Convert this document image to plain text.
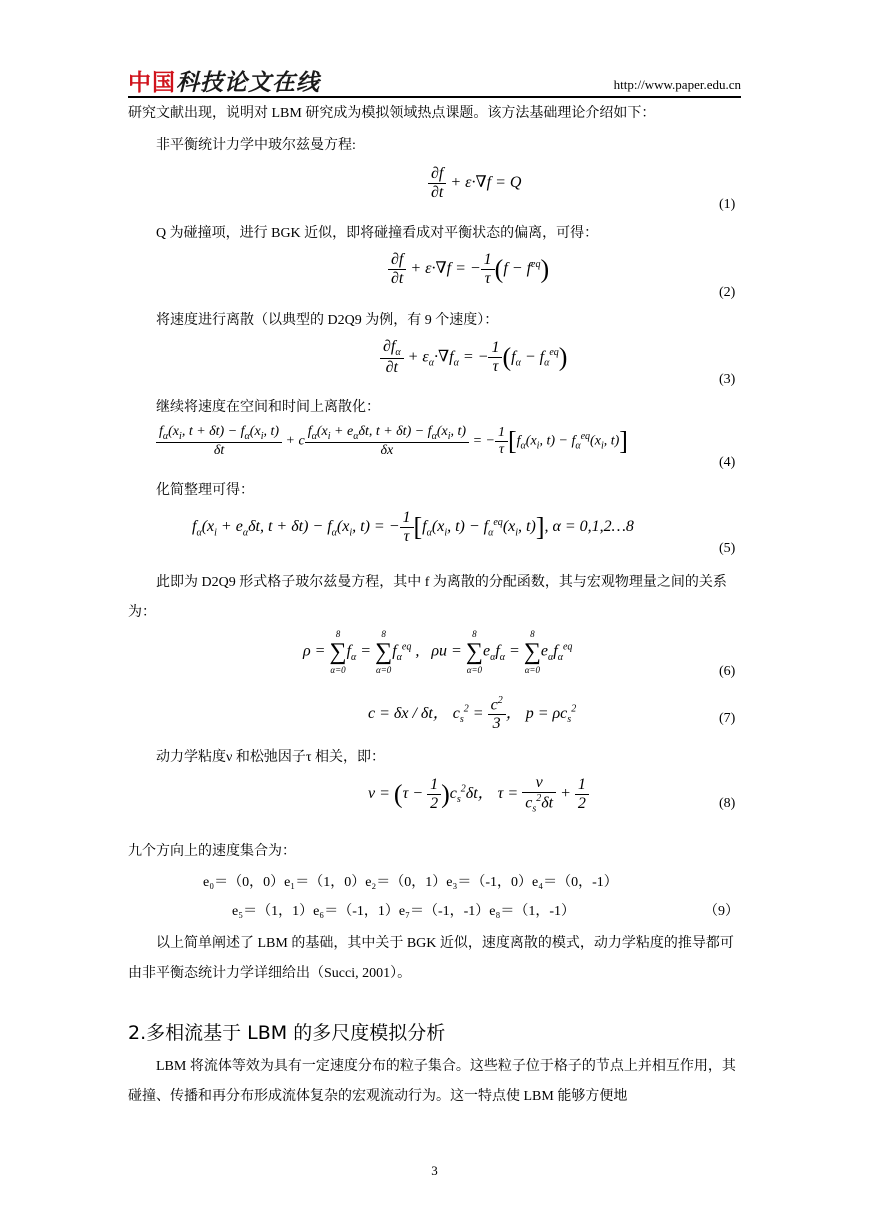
中国科技论文在线	http://www.paper.edu.cn
研究文献出现，说明对 LBM 研究成为模拟领域热点课题。该方法基础理论介绍如下：
非平衡统计力学中玻尔兹曼方程:
$\frac{\partial f}{\partial t} + \varepsilon\cdot\nabla f = Q$
(1)
Q 为碰撞项，进行 BGK 近似，即将碰撞看成对平衡状态的偏离，可得：
$\frac{\partial f}{\partial t} + \varepsilon\cdot\nabla f$ = − $\frac{1}{\tau} (f - f^{eq})$
(2)
将速度进行离散（以典型的 D2Q9 为例，有 9 个速度）：
$\frac{\partial f_\alpha}{\partial t} + \varepsilon_\alpha\cdot\nabla f_\alpha$ = − $\frac{1}{\tau} (f_\alpha - f_\alpha^{eq})$
(3)
继续将速度在空间和时间上离散化：
$\frac{f_\alpha(x_i, t + \delta t) - f_\alpha(x_i, t)}{\delta t} + c \frac{f_\alpha(x_i + e_\alpha\delta t, t + \delta t) - f_\alpha(x_i, t)}{\delta x}$ = − $\frac{1}{\tau} [f_\alpha(x_i$, $t) - f_\alpha^{eq}(x_i$, t)]
(4)
化简整理可得：
$f_\alpha(x_i + e_\alpha\delta t$, $t + \delta t) - f_\alpha(x_i$, t) = − $\frac{1}{\tau} [f_\alpha(x_i$, $t) - f_\alpha^{eq}(x_i$, t)], α = 0,1,2…8
(5)
此即为 D2Q9 形式格子玻尔兹曼方程，其中 f 为离散的分配函数，其与宏观物理量之间的关系为：
ρ =
8
∑
α=0
$f_\alpha$ =
8
∑
α=0
$f_\alpha^{eq}$ ,   ρu =
8
∑
α=0
$e_\alpha f_\alpha$ =
8
∑
α=0
$e_\alpha f_\alpha^{eq}$
(6)
c = δx / δt， $c_s^2 = \frac{c^2}{3}$ ， $p = \rho c_s^2$
(7)
动力学粘度ν 和松弛因子τ 相关，即：
$\nu = (\tau - \frac{1}{2} )c_s^2\delta t$， $\tau = \frac{\nu}{c_s^2\delta t} + \frac{1}{2}$	(8)
九个方向上的速度集合为：
e₀＝（0，0）e₁＝（1，0）e₂＝（0，1）e₃＝（-1，0）e₄＝（0，-1）
e₅＝（1，1）e₆＝（-1，1）e₇＝（-1，-1）e₈＝（1，-1）	（9）
以上简单阐述了 LBM 的基础，其中关于 BGK 近似，速度离散的模式，动力学粘度的推导都可由非平衡态统计力学详细给出（Succi, 2001）。
2.多相流基于 LBM 的多尺度模拟分析
LBM 将流体等效为具有一定速度分布的粒子集合。这些粒子位于格子的节点上并相互作用，其碰撞、传播和再分布形成流体复杂的宏观流动行为。这一特点使 LBM 能够方便地
3
